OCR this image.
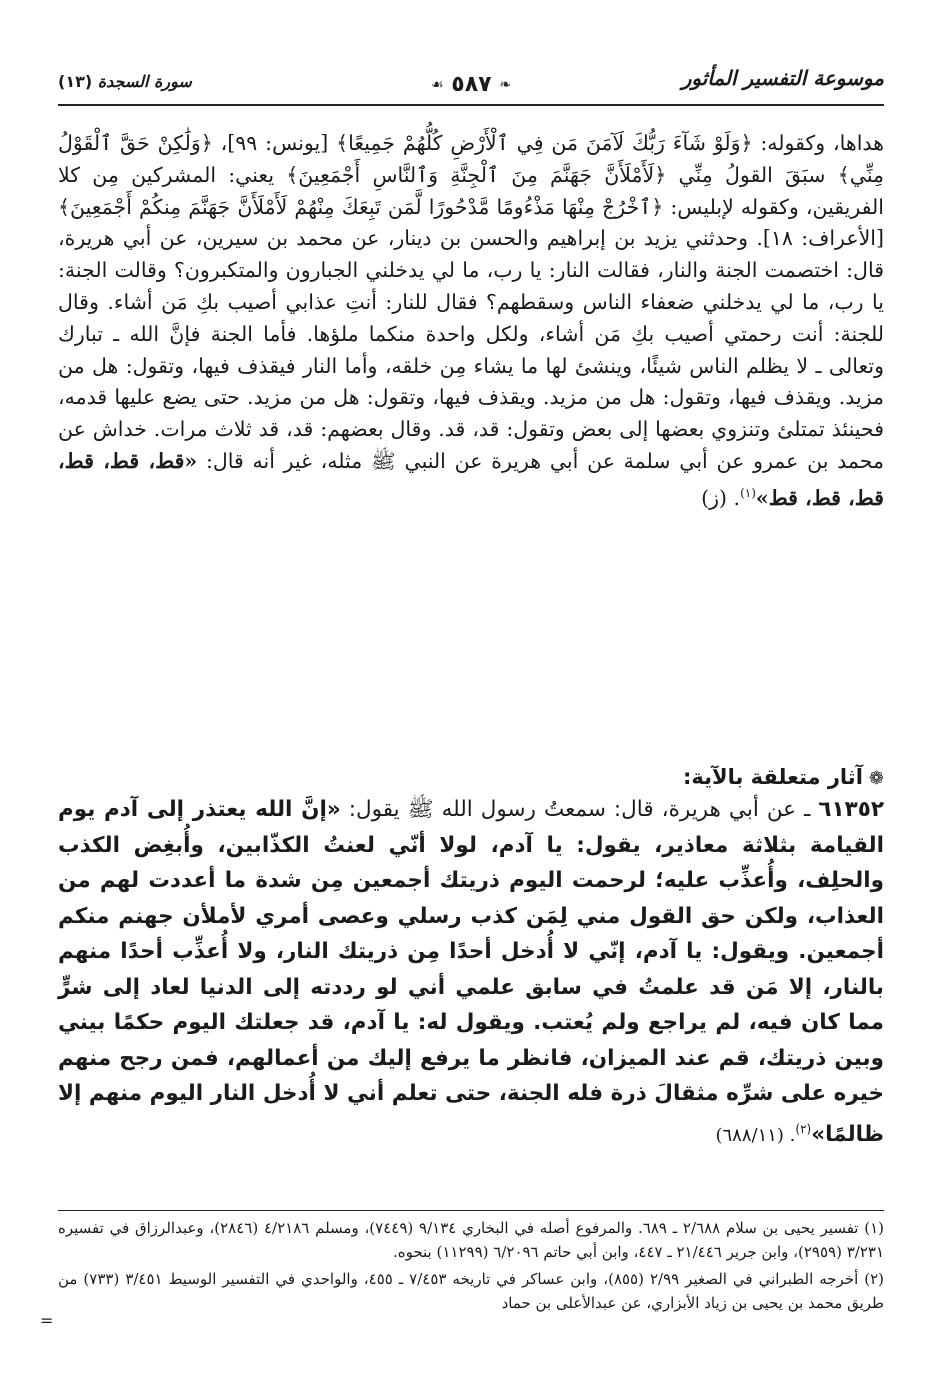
موسوعة التفسير المأثور
❧ ٥٨٧ ☙
سورة السجدة (١٣)
هداها، وكقوله: ﴿وَلَوْ شَآءَ رَبُّكَ لَآمَنَ مَن فِي ٱلْأَرْضِ كُلُّهُمْ جَمِيعًا﴾ [يونس: ٩٩]، ﴿وَلَٰكِنْ حَقَّ ٱلْقَوْلُ مِنِّي﴾ سبَقَ القولُ مِنِّي ﴿لَأَمْلَأَنَّ جَهَنَّمَ مِنَ ٱلْجِنَّةِ وَٱلنَّاسِ أَجْمَعِينَ﴾ يعني: المشركين مِن كلا الفريقين، وكقوله لإبليس: ﴿ٱخْرُجْ مِنْهَا مَذْءُومًا مَّدْحُورًا لَّمَن تَبِعَكَ مِنْهُمْ لَأَمْلَأَنَّ جَهَنَّمَ مِنكُمْ أَجْمَعِينَ﴾ [الأعراف: ١٨]. وحدثني يزيد بن إبراهيم والحسن بن دينار، عن محمد بن سيرين، عن أبي هريرة، قال: اختصمت الجنة والنار، فقالت النار: يا رب، ما لي يدخلني الجبارون والمتكبرون؟ وقالت الجنة: يا رب، ما لي يدخلني ضعفاء الناس وسقطهم؟ فقال للنار: أنتِ عذابي أصيب بكِ مَن أشاء. وقال للجنة: أنت رحمتي أصيب بكِ مَن أشاء، ولكل واحدة منكما ملؤها. فأما الجنة فإنَّ الله ـ تبارك وتعالى ـ لا يظلم الناس شيئًا، وينشئ لها ما يشاء مِن خلقه، وأما النار فيقذف فيها، وتقول: هل من مزيد. ويقذف فيها، وتقول: هل من مزيد. ويقذف فيها، وتقول: هل من مزيد. حتى يضع عليها قدمه، فحينئذ تمتلئ وتنزوي بعضها إلى بعض وتقول: قد، قد. وقال بعضهم: قد، قد ثلاث مرات. خداش عن محمد بن عمرو عن أبي سلمة عن أبي هريرة عن النبي ﷺ مثله، غير أنه قال: «قط، قط، قط، قط، قط، قط»$^{(١)}$. (ز)
❁آثار متعلقة بالآية:
٦١٣٥٢ ـ عن أبي هريرة، قال: سمعتُ رسول الله ﷺ يقول: «إنَّ الله يعتذر إلى آدم يوم القيامة بثلاثة معاذير، يقول: يا آدم، لولا أنّي لعنتُ الكذّابين، وأُبغِض الكذب والحلِف، وأُعذِّب عليه؛ لرحمت اليوم ذريتك أجمعين مِن شدة ما أعددت لهم من العذاب، ولكن حق القول مني لِمَن كذب رسلي وعصى أمري لأملأن جهنم منكم أجمعين. ويقول: يا آدم، إنّي لا أُدخل أحدًا مِن ذريتك النار، ولا أُعذِّب أحدًا منهم بالنار، إلا مَن قد علمتُ في سابق علمي أني لو رددته إلى الدنيا لعاد إلى شرٍّ مما كان فيه، لم يراجع ولم يُعتب. ويقول له: يا آدم، قد جعلتك اليوم حكمًا بيني وبين ذريتك، قم عند الميزان، فانظر ما يرفع إليك من أعمالهم، فمن رجح منهم خيره على شرِّه مثقالَ ذرة فله الجنة، حتى تعلم أني لا أُدخل النار اليوم منهم إلا ظالمًا»$^{(٢)}$. (٦٨٨/١١)

(١) تفسير يحيى بن سلام ٢/٦٨٨ ـ ٦٨٩. والمرفوع أصله في البخاري ٩/١٣٤ (٧٤٤٩)، ومسلم ٤/٢١٨٦ (٢٨٤٦)، وعبدالرزاق في تفسيره ٣/٢٣١ (٢٩٥٩)، وابن جرير ٢١/٤٤٦ ـ ٤٤٧، وابن أبي حاتم ٦/٢٠٩٦ (١١٢٩٩) بنحوه.

(٢) أخرجه الطبراني في الصغير ٢/٩٩ (٨٥٥)، وابن عساكر في تاريخه ٧/٤٥٣ ـ ٤٥٥، والواحدي في التفسير الوسيط ٣/٤٥١ (٧٣٣) من طريق محمد بن يحيى بن زياد الأبزاري، عن عبدالأعلى بن حماد

=
